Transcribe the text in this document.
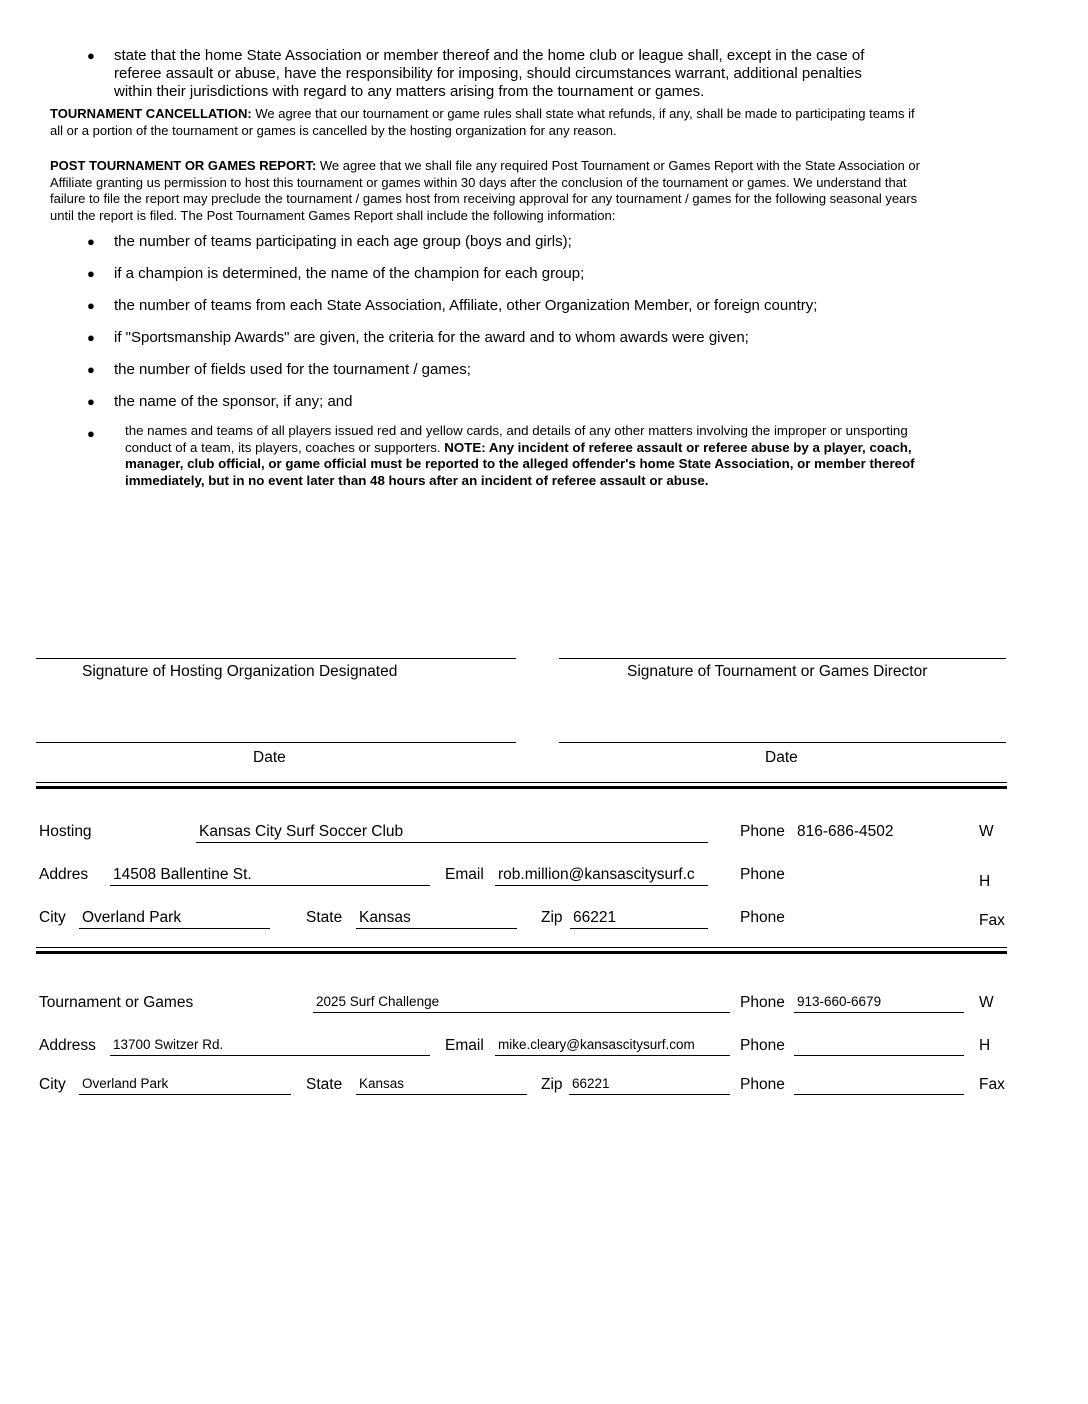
● state that the home State Association or member thereof and the home club or league shall, except in the case of
referee assault or abuse, have the responsibility for imposing, should circumstances warrant, additional penalties
within their jurisdictions with regard to any matters arising from the tournament or games.
TOURNAMENT CANCELLATION: We agree that our tournament or game rules shall state what refunds, if any, shall be made to participating teams if
all or a portion of the tournament or games is cancelled by the hosting organization for any reason.
POST TOURNAMENT OR GAMES REPORT: We agree that we shall file any required Post Tournament or Games Report with the State Association or
Affiliate granting us permission to host this tournament or games within 30 days after the conclusion of the tournament or games. We understand that
failure to file the report may preclude the tournament / games host from receiving approval for any tournament / games for the following seasonal years
until the report is filed. The Post Tournament Games Report shall include the following information:
● the number of teams participating in each age group (boys and girls);
● if a champion is determined, the name of the champion for each group;
● the number of teams from each State Association, Affiliate, other Organization Member, or foreign country;
● if "Sportsmanship Awards" are given, the criteria for the award and to whom awards were given;
● the number of fields used for the tournament / games;
● the name of the sponsor, if any; and
● the names and teams of all players issued red and yellow cards, and details of any other matters involving the improper or unsporting
conduct of a team, its players, coaches or supporters. NOTE: Any incident of referee assault or referee abuse by a player, coach,
manager, club official, or game official must be reported to the alleged offender's home State Association, or member thereof
immediately, but in no event later than 48 hours after an incident of referee assault or abuse.
Signature of Hosting Organization Designated	Signature of Tournament or Games Director
Date	Date
Hosting	Kansas City Surf Soccer Club	Phone 816-686-4502	W
Addres 14508 Ballentine St.	Email rob.million@kansascitysurf.c	Phone	H
City Overland Park	State Kansas	Zip 66221	Phone	Fax
Tournament or Games	2025 Surf Challenge	Phone 913-660-6679	W
Address 13700 Switzer Rd.	Email mike.cleary@kansascitysurf.com	Phone	H
City Overland Park	State Kansas	Zip 66221	Phone	Fax
